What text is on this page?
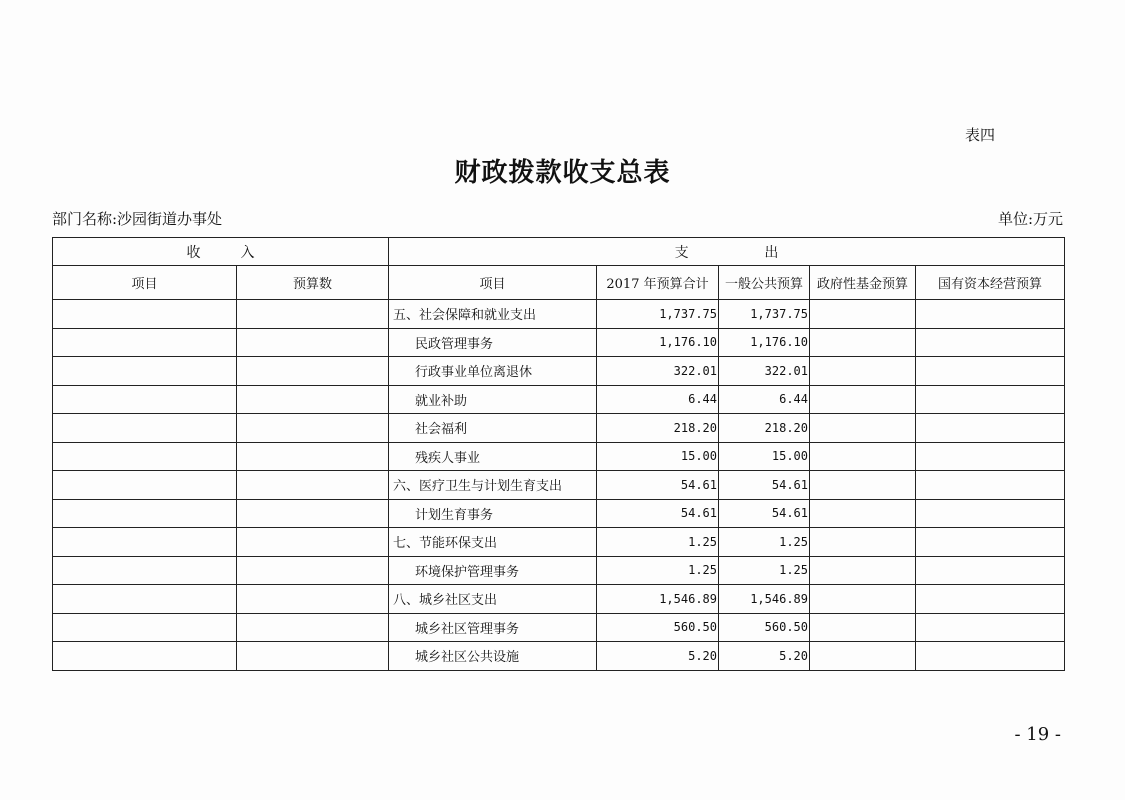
表四
财政拨款收支总表
部门名称:沙园街道办事处	单位:万元
收         入		支                 出				
项目	预算数	项目	2017 年预算合计	一般公共预算	政府性基金预算	国有资本经营预算
		五、社会保障和就业支出	1,737.75	1,737.75		
		民政管理事务	1,176.10	1,176.10		
		行政事业单位离退休	322.01	322.01		
		就业补助	6.44	6.44		
		社会福利	218.20	218.20		
		残疾人事业	15.00	15.00		
		六、医疗卫生与计划生育支出	54.61	54.61		
		计划生育事务	54.61	54.61		
		七、节能环保支出	1.25	1.25		
		环境保护管理事务	1.25	1.25		
		八、城乡社区支出	1,546.89	1,546.89		
		城乡社区管理事务	560.50	560.50		
		城乡社区公共设施	5.20	5.20		
- 19 -
